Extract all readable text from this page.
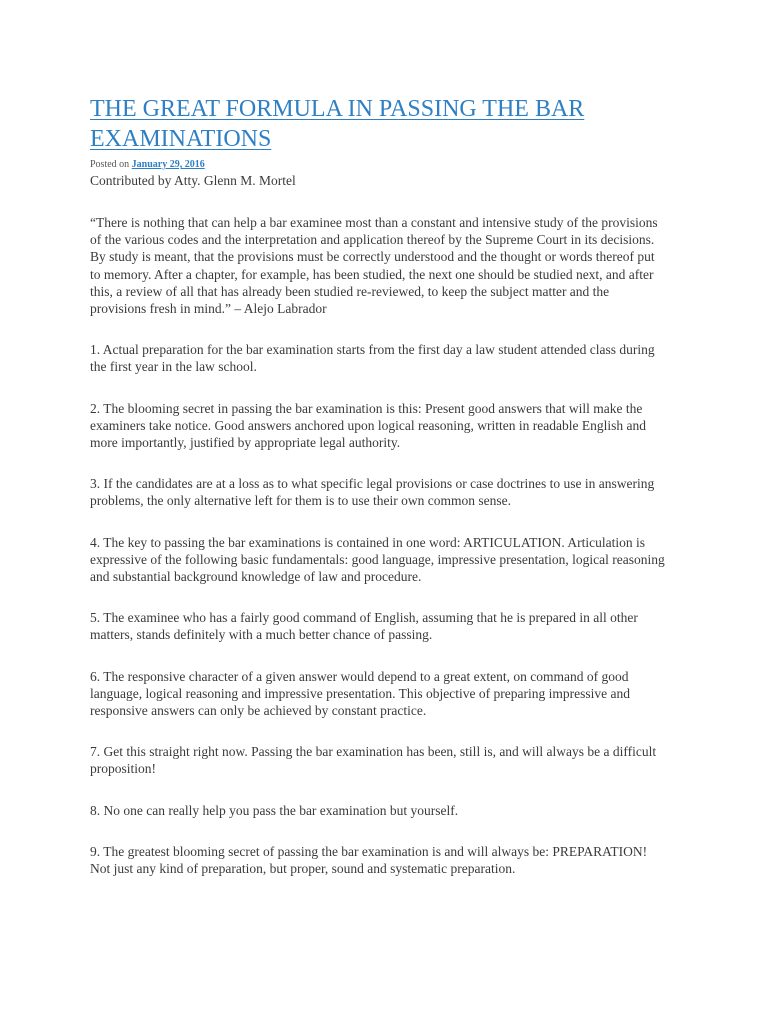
THE GREAT FORMULA IN PASSING THE BAR EXAMINATIONS
Posted on January 29, 2016
Contributed by Atty. Glenn M. Mortel

“There is nothing that can help a bar examinee most than a constant and intensive study of the provisions of the various codes and the interpretation and application thereof by the Supreme Court in its decisions. By study is meant, that the provisions must be correctly understood and the thought or words thereof put to memory. After a chapter, for example, has been studied, the next one should be studied next, and after this, a review of all that has already been studied re-reviewed, to keep the subject matter and the provisions fresh in mind.” – Alejo Labrador

1. Actual preparation for the bar examination starts from the first day a law student attended class during the first year in the law school.

2. The blooming secret in passing the bar examination is this: Present good answers that will make the examiners take notice. Good answers anchored upon logical reasoning, written in readable English and more importantly, justified by appropriate legal authority.

3. If the candidates are at a loss as to what specific legal provisions or case doctrines to use in answering problems, the only alternative left for them is to use their own common sense.

4. The key to passing the bar examinations is contained in one word: ARTICULATION. Articulation is expressive of the following basic fundamentals: good language, impressive presentation, logical reasoning and substantial background knowledge of law and procedure.

5. The examinee who has a fairly good command of English, assuming that he is prepared in all other matters, stands definitely with a much better chance of passing.

6. The responsive character of a given answer would depend to a great extent, on command of good language, logical reasoning and impressive presentation. This objective of preparing impressive and responsive answers can only be achieved by constant practice.

7. Get this straight right now. Passing the bar examination has been, still is, and will always be a difficult proposition!

8. No one can really help you pass the bar examination but yourself.

9. The greatest blooming secret of passing the bar examination is and will always be: PREPARATION! Not just any kind of preparation, but proper, sound and systematic preparation.
